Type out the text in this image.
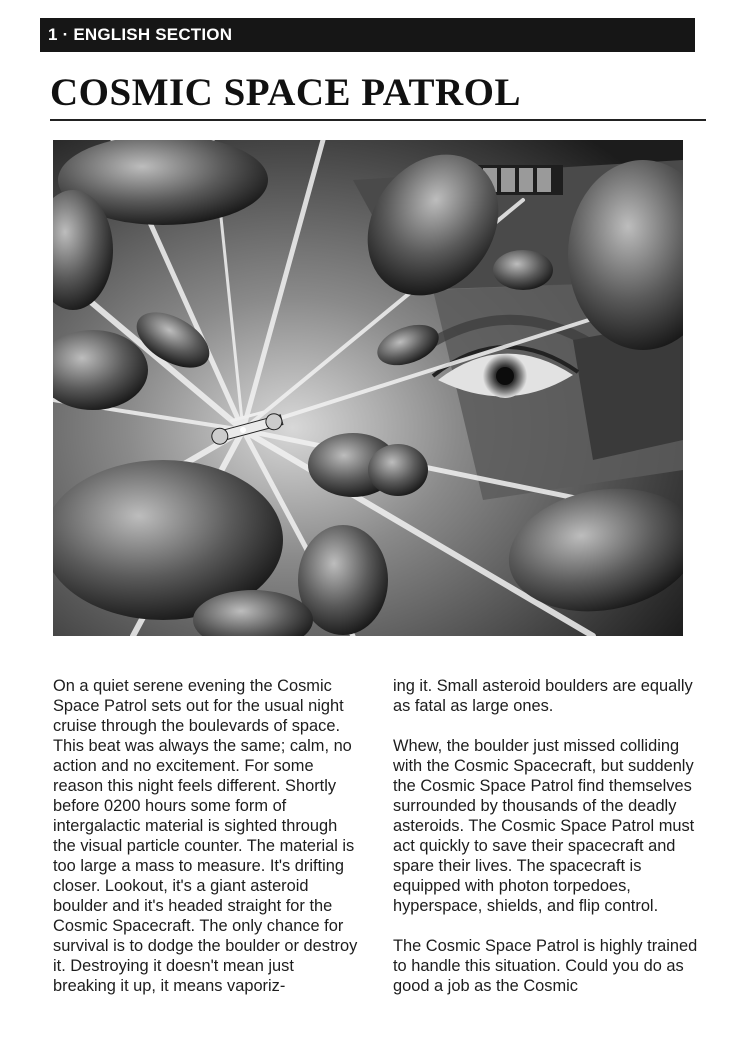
1 · ENGLISH SECTION
COSMIC SPACE PATROL

On a quiet serene evening the Cosmic Space Patrol sets out for the usual night cruise through the boulevards of space. This beat was always the same; calm, no action and no excitement. For some reason this night feels different. Shortly before 0200 hours some form of intergalactic material is sighted through the visual particle counter. The material is too large a mass to measure. It's drifting closer. Lookout, it's a giant asteroid boulder and it's headed straight for the Cosmic Spacecraft. The only chance for survival is to dodge the boulder or destroy it. Destroying it doesn't mean just breaking it up, it means vaporiz-

ing it. Small asteroid boulders are equally as fatal as large ones.

Whew, the boulder just missed colliding with the Cosmic Spacecraft, but suddenly the Cosmic Space Patrol find themselves surrounded by thousands of the deadly asteroids. The Cosmic Space Patrol must act quickly to save their spacecraft and spare their lives. The spacecraft is equipped with photon torpedoes, hyperspace, shields, and flip control.

The Cosmic Space Patrol is highly trained to handle this situation. Could you do as good a job as the Cosmic
